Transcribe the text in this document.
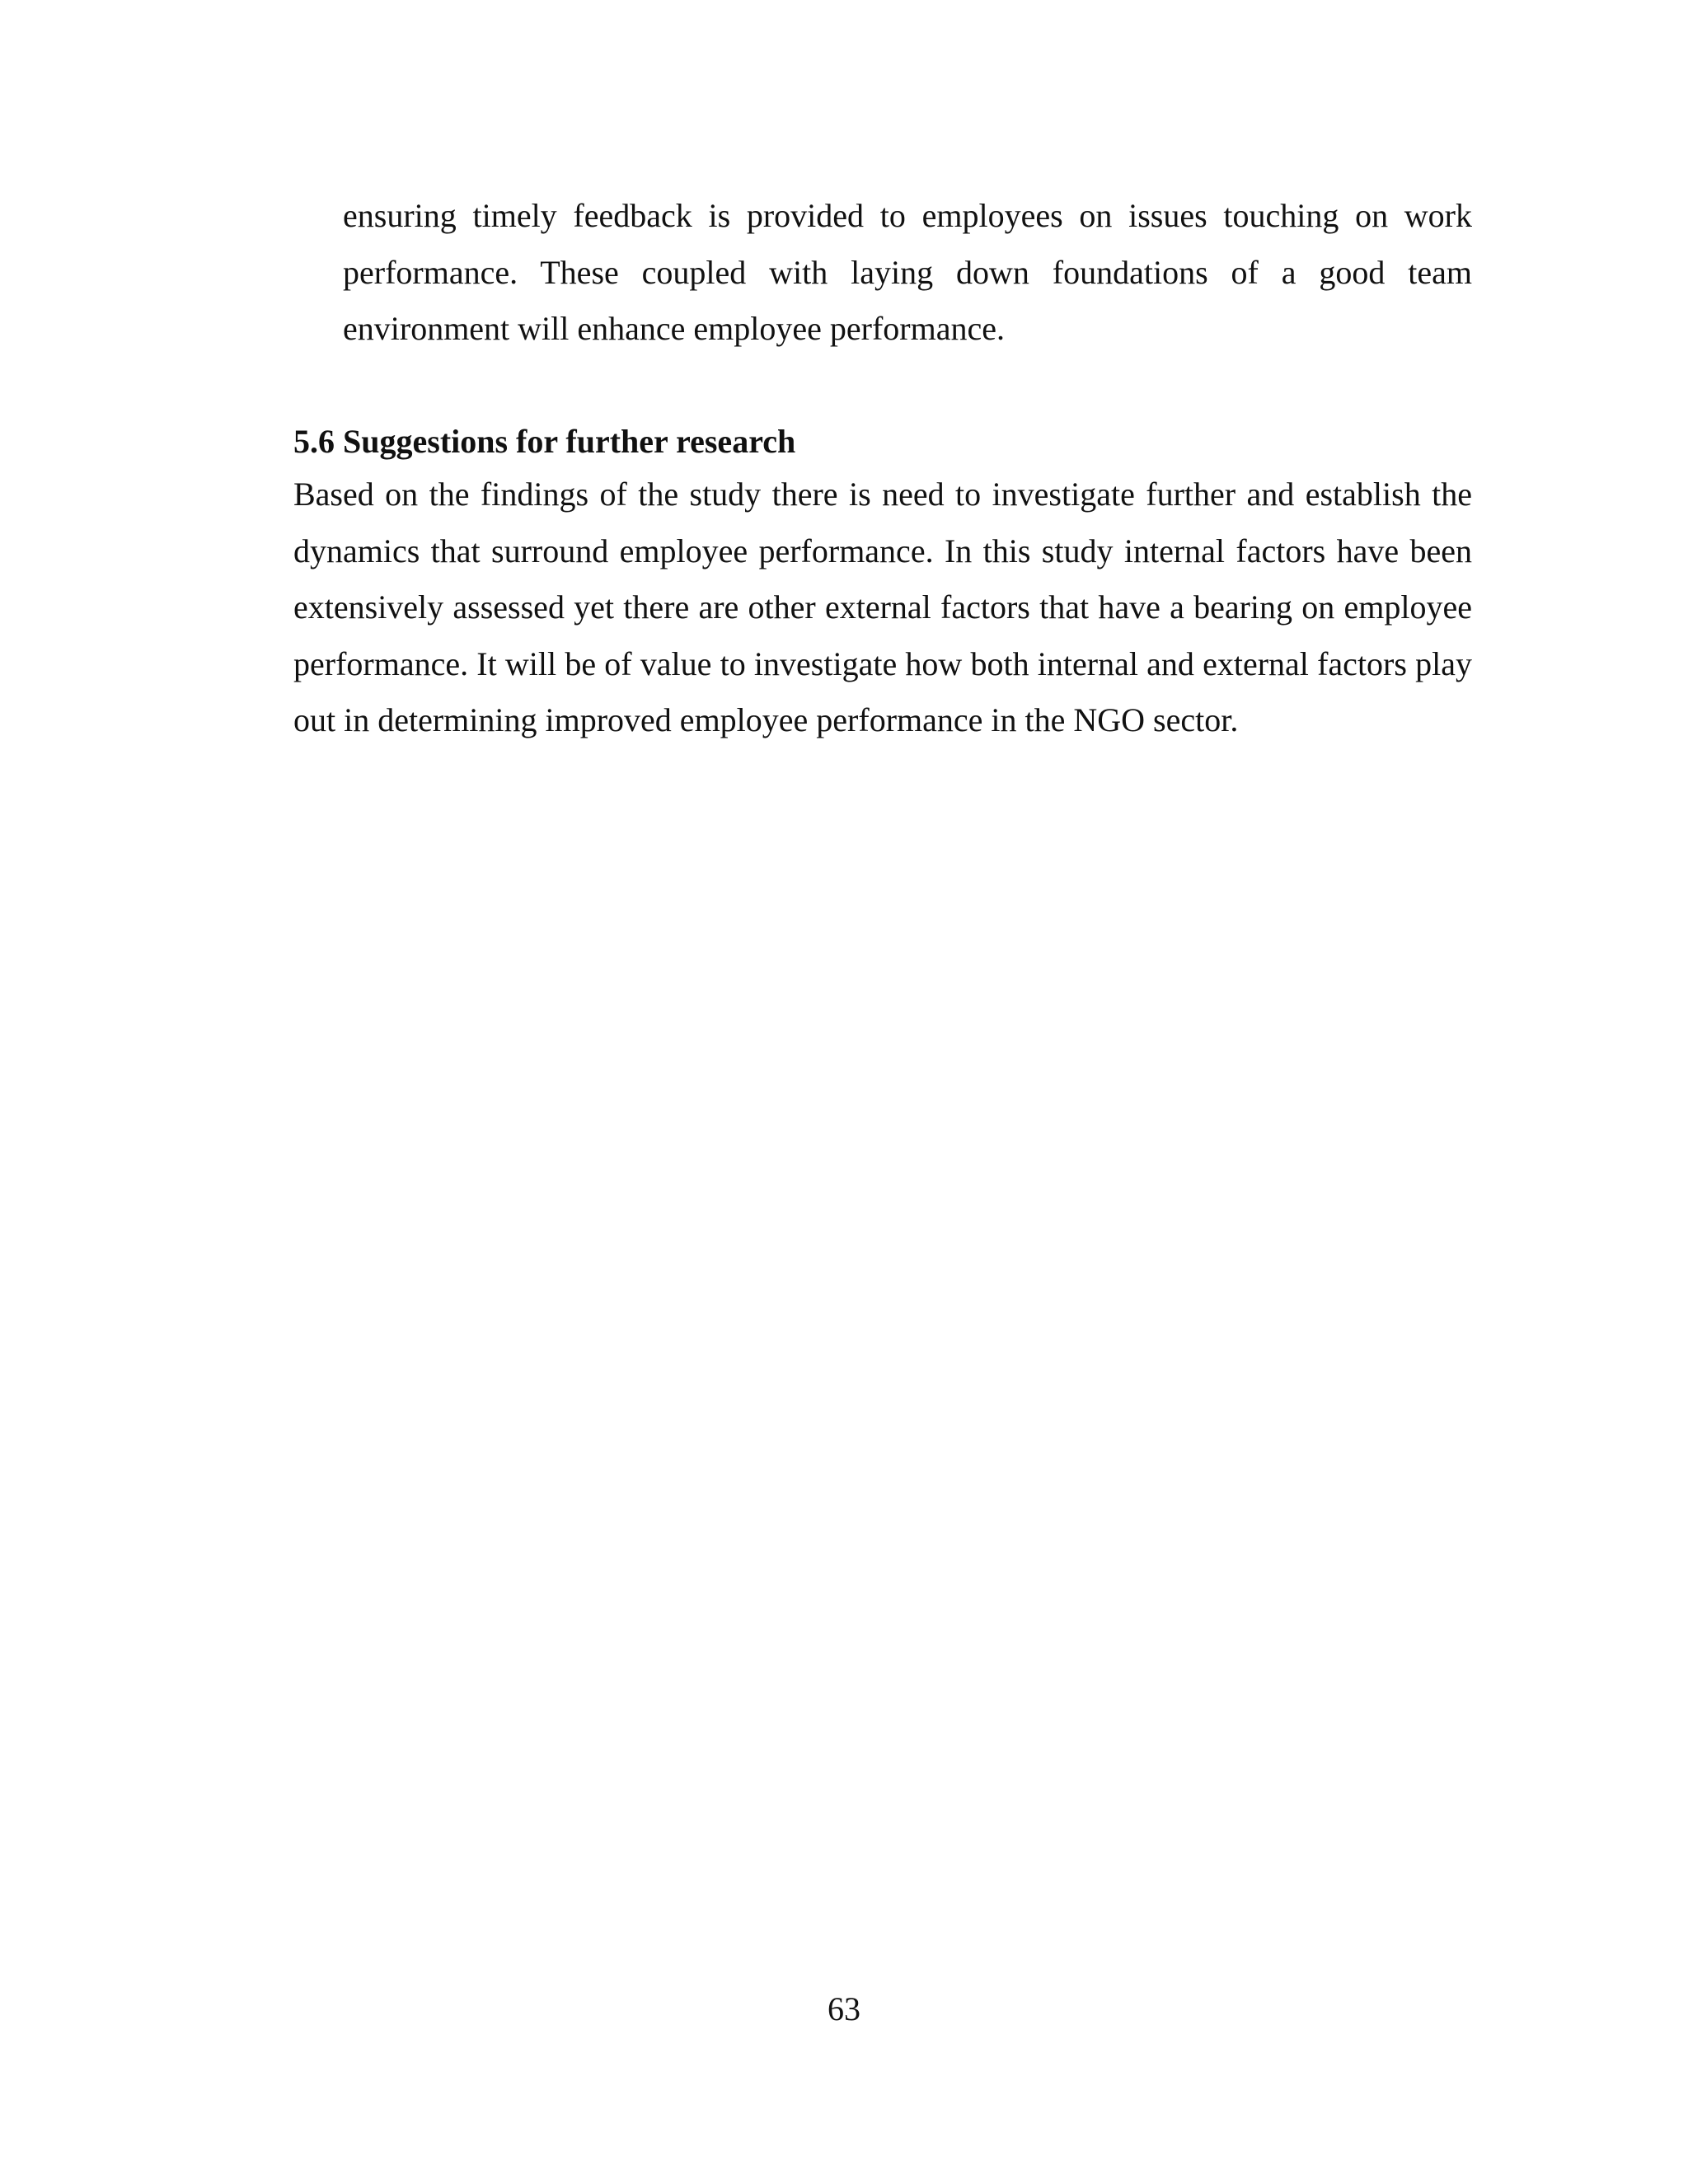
ensuring timely feedback is provided to employees on issues touching on work performance. These coupled with laying down foundations of a good team environment will enhance employee performance.

5.6 Suggestions for further research

Based on the findings of the study there is need to investigate further and establish the dynamics that surround employee performance. In this study internal factors have been extensively assessed yet there are other external factors that have a bearing on employee performance. It will be of value to investigate how both internal and external factors play out in determining improved employee performance in the NGO sector.

63
